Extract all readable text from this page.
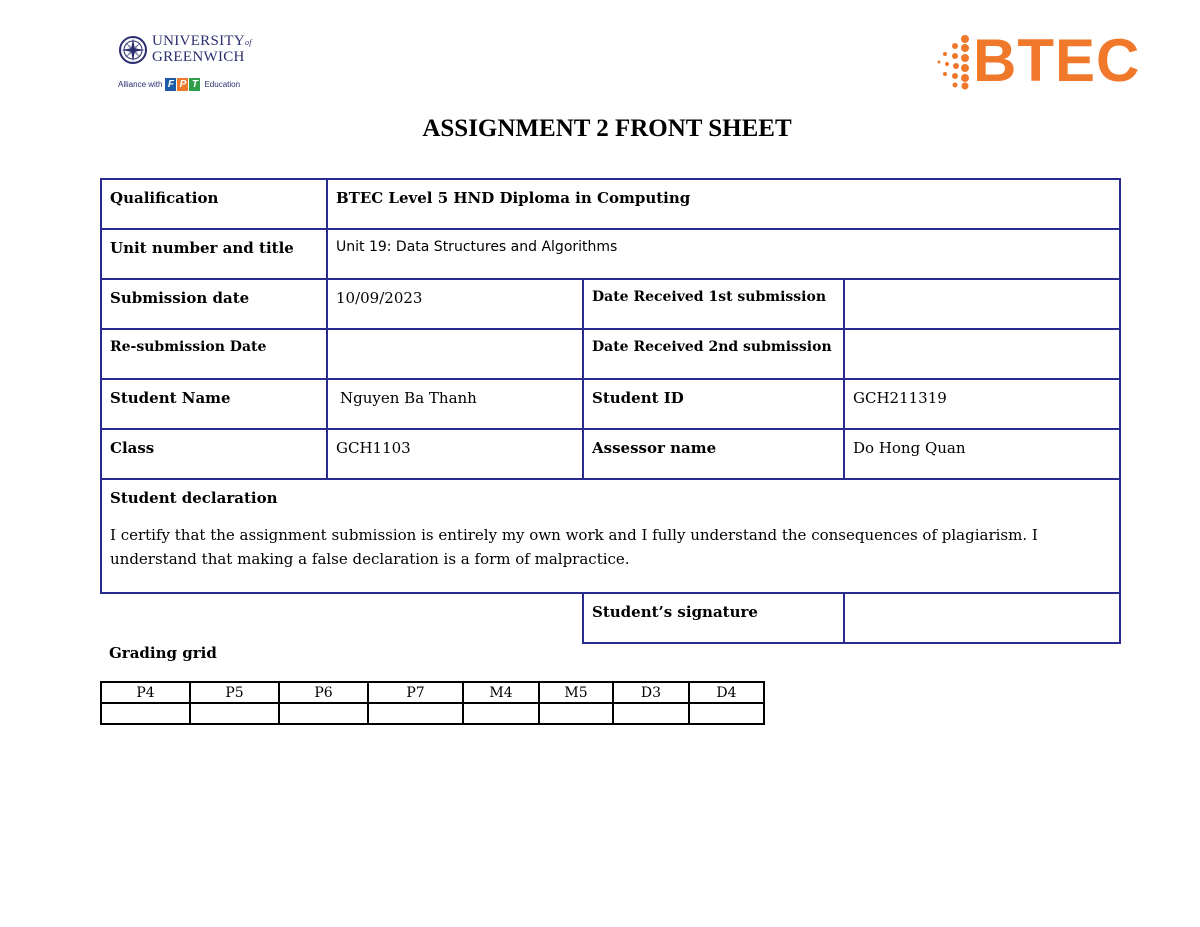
UNIVERSITYof
GREENWICH
Alliance with F P T Education	BTEC
ASSIGNMENT 2 FRONT SHEET
Qualification	BTEC Level 5 HND Diploma in Computing		
Unit number and title	Unit 19: Data Structures and Algorithms		
Submission date	10/09/2023	Date Received 1st submission	
Re-submission Date		Date Received 2nd submission	
Student Name	Nguyen Ba Thanh	Student ID	GCH211319
Class	GCH1103	Assessor name	Do Hong Quan

Student declaration
I certify that the assignment submission is entirely my own work and I fully understand the consequences of plagiarism. I understand that making a false declaration is a form of malpractice.			

		Student’s signature	
Grading grid
P4	P5	P6	P7	M4	M5	D3	D4
